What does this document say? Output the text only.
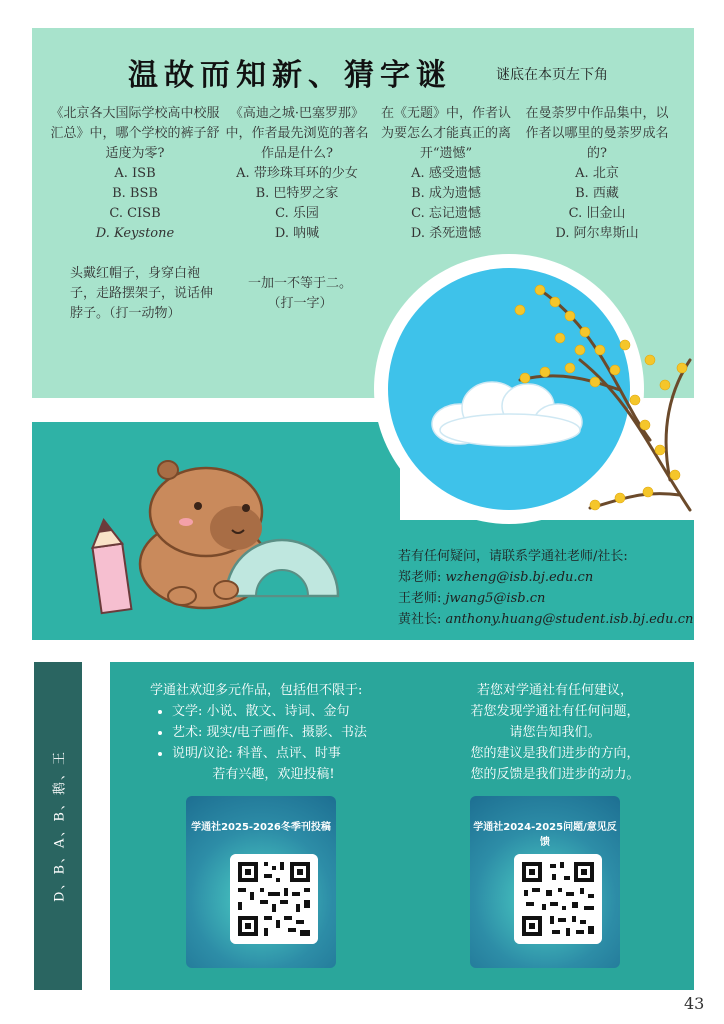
温故而知新、猜字谜	谜底在本页左下角
《北京各大国际学校高中校服汇总》中，哪个学校的裤子舒适度为零?
A. ISB
B. BSB
C. CISB
D. Keystone
《高迪之城·巴塞罗那》中，作者最先浏览的著名作品是什么?
A. 带珍珠耳环的少女
B. 巴特罗之家
C. 乐园
D. 呐喊
在《无题》中，作者认为要怎么才能真正的离开“遗憾”
A. 感受遗憾
B. 成为遗憾
C. 忘记遗憾
D. 杀死遗憾
在曼荼罗中作品集中，以作者以哪里的曼荼罗成名的?
A. 北京
B. 西藏
C. 旧金山
D. 阿尔卑斯山
头戴红帽子，身穿白袍子，走路摆架子，说话伸脖子。（打一动物）
一加一不等于二。（打一字）
若有任何疑问，请联系学通社老师/社长:
郑老师: wzheng@isb.bj.edu.cn
王老师: jwang5@isb.cn
黄社长: anthony.huang@student.isb.bj.edu.cn
D、B、A、B、鹅、王
学通社欢迎多元作品，包括但不限于:
• 文学: 小说、散文、诗词、金句
• 艺术: 现实/电子画作、摄影、书法
• 说明/议论: 科普、点评、时事
若有兴趣，欢迎投稿!
若您对学通社有任何建议，
若您发现学通社有任何问题，
请您告知我们。
您的建议是我们进步的方向，
您的反馈是我们进步的动力。
学通社2025-2026冬季刊投稿	学通社2024-2025问题/意见反馈
43
